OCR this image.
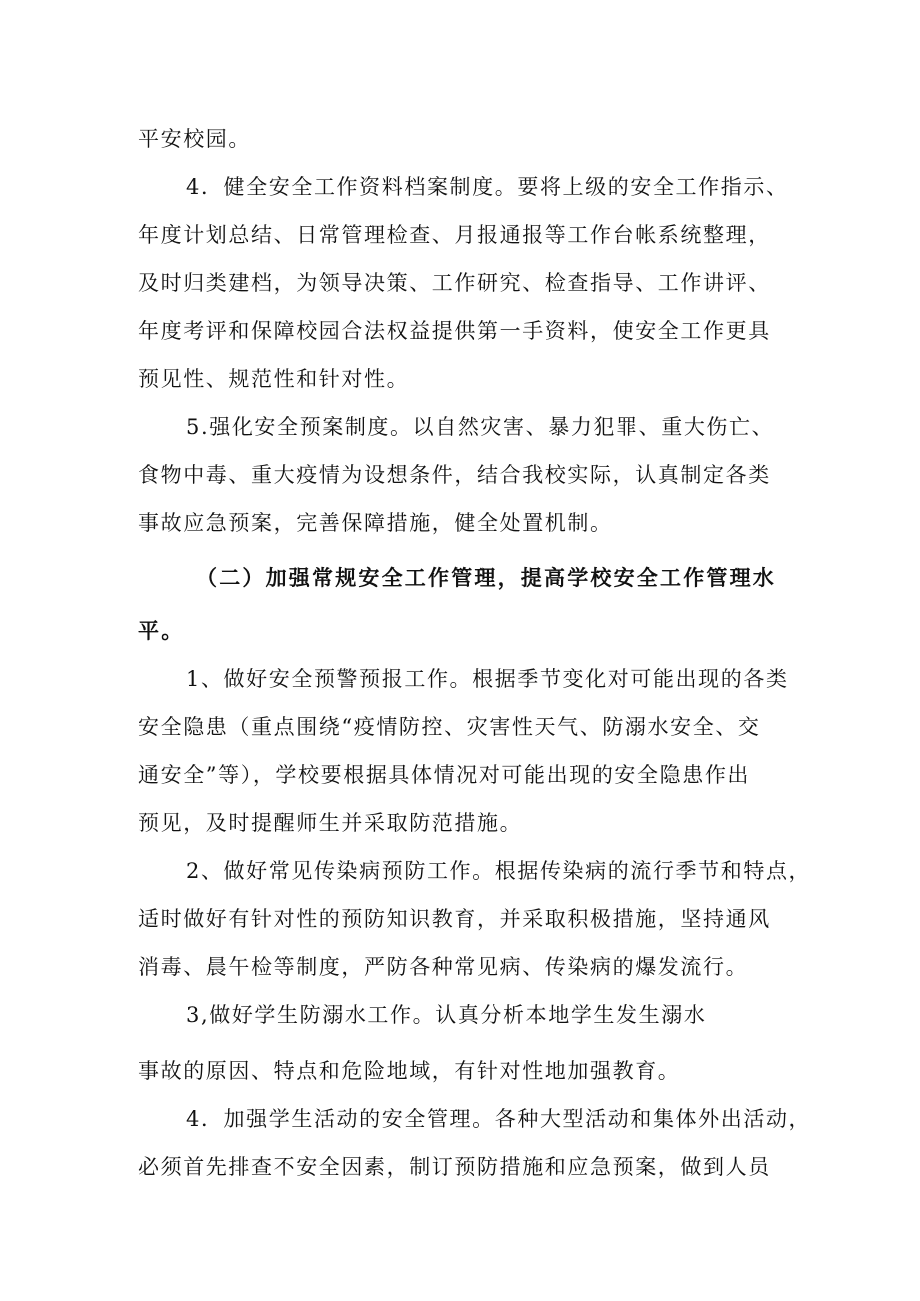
平安校园。
4．健全安全工作资料档案制度。要将上级的安全工作指示、
年度计划总结、日常管理检查、月报通报等工作台帐系统整理，
及时归类建档，为领导决策、工作研究、检查指导、工作讲评、
年度考评和保障校园合法权益提供第一手资料，使安全工作更具
预见性、规范性和针对性。
5.强化安全预案制度。以自然灾害、暴力犯罪、重大伤亡、
食物中毒、重大疫情为设想条件，结合我校实际，认真制定各类
事故应急预案，完善保障措施，健全处置机制。
（二）加强常规安全工作管理，提高学校安全工作管理水
平。
1、做好安全预警预报工作。根据季节变化对可能出现的各类
安全隐患（重点围绕“疫情防控、灾害性天气、防溺水安全、交
通安全”等），学校要根据具体情况对可能出现的安全隐患作出
预见，及时提醒师生并采取防范措施。
2、做好常见传染病预防工作。根据传染病的流行季节和特点，
适时做好有针对性的预防知识教育，并采取积极措施，坚持通风
消毒、晨午检等制度，严防各种常见病、传染病的爆发流行。
3,做好学生防溺水工作。认真分析本地学生发生溺水
事故的原因、特点和危险地域，有针对性地加强教育。
4．加强学生活动的安全管理。各种大型活动和集体外出活动，
必须首先排查不安全因素，制订预防措施和应急预案，做到人员
